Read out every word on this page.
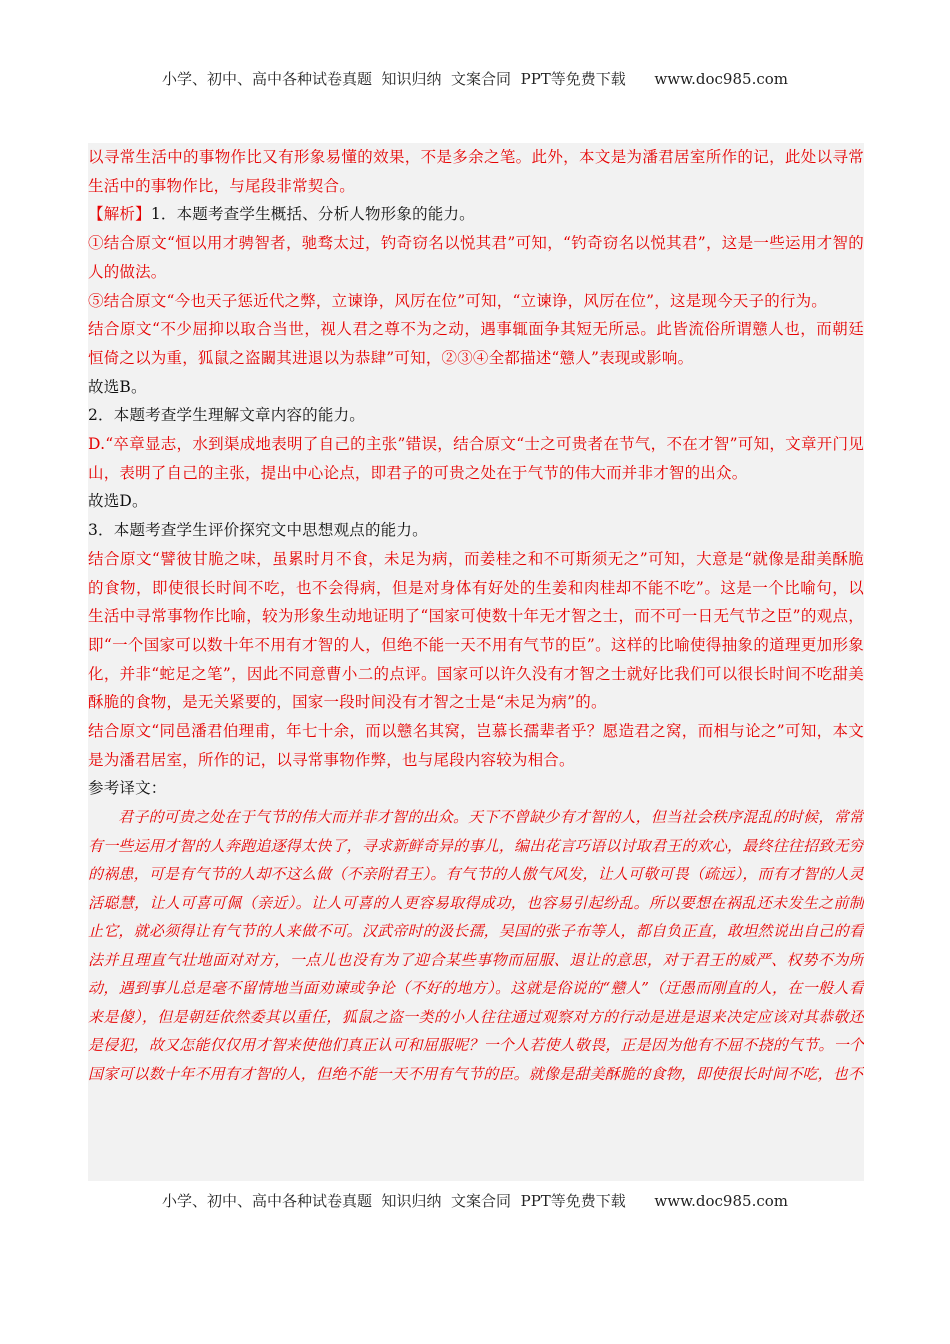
小学、初中、高中各种试卷真题  知识归纳  文案合同  PPT等免费下载      www.doc985.com

以寻常生活中的事物作比又有形象易懂的效果，不是多余之笔。此外，本文是为潘君居室所作的记，此处以寻常生活中的事物作比，与尾段非常契合。

【解析】1．本题考查学生概括、分析人物形象的能力。

①结合原文“恒以用才骋智者，驰骛太过，钓奇窃名以悦其君”可知，“钓奇窃名以悦其君”，这是一些运用才智的人的做法。

⑤结合原文“今也天子惩近代之弊，立谏诤，风厉在位”可知，“立谏诤，风厉在位”，这是现今天子的行为。

结合原文“不少屈抑以取合当世，视人君之尊不为之动，遇事辄面争其短无所忌。此皆流俗所谓戆人也，而朝廷恒倚之以为重，狐鼠之盗闞其进退以为恭肆”可知，②③④全都描述“戆人”表现或影响。

故选B。

2．本题考查学生理解文章内容的能力。

D.“卒章显志，水到渠成地表明了自己的主张”错误，结合原文“士之可贵者在节气，不在才智”可知，文章开门见山，表明了自己的主张，提出中心论点，即君子的可贵之处在于气节的伟大而并非才智的出众。

故选D。

3．本题考查学生评价探究文中思想观点的能力。

结合原文“譬彼甘脆之味，虽累时月不食，未足为病，而姜桂之和不可斯须无之”可知，大意是“就像是甜美酥脆的食物，即使很长时间不吃，也不会得病，但是对身体有好处的生姜和肉桂却不能不吃”。这是一个比喻句，以生活中寻常事物作比喻，较为形象生动地证明了“国家可使数十年无才智之士，而不可一日无气节之臣”的观点，即“一个国家可以数十年不用有才智的人，但绝不能一天不用有气节的臣”。这样的比喻使得抽象的道理更加形象化，并非“蛇足之笔”，因此不同意曹小二的点评。国家可以许久没有才智之士就好比我们可以很长时间不吃甜美酥脆的食物，是无关紧要的，国家一段时间没有才智之士是“未足为病”的。

结合原文“同邑潘君伯理甫，年七十余，而以戆名其窝，岂慕长孺辈者乎？愿造君之窝，而相与论之”可知，本文是为潘君居室，所作的记，以寻常事物作弊，也与尾段内容较为相合。

参考译文：

君子的可贵之处在于气节的伟大而并非才智的出众。天下不曾缺少有才智的人，但当社会秩序混乱的时候，常常有一些运用才智的人奔跑追逐得太快了，寻求新鲜奇异的事儿，编出花言巧语以讨取君王的欢心，最终往往招致无穷的祸患，可是有气节的人却不这么做（不亲附君王）。有气节的人傲气风发，让人可敬可畏（疏远），而有才智的人灵活聪慧，让人可喜可佩（亲近）。让人可喜的人更容易取得成功，也容易引起纷乱。所以要想在祸乱还未发生之前制止它，就必须得让有气节的人来做不可。汉武帝时的汲长孺，吴国的张子布等人，都自负正直，敢坦然说出自己的看法并且理直气壮地面对对方，一点儿也没有为了迎合某些事物而屈服、退让的意思，对于君王的威严、权势不为所动，遇到事儿总是毫不留情地当面劝谏或争论（不好的地方）。这就是俗说的“戆人”（迂愚而刚直的人，在一般人看来是傻），但是朝廷依然委其以重任，狐鼠之盗一类的小人往往通过观察对方的行动是进是退来决定应该对其恭敬还是侵犯，故又怎能仅仅用才智来使他们真正认可和屈服呢？一个人若使人敬畏，正是因为他有不屈不挠的气节。一个国家可以数十年不用有才智的人，但绝不能一天不用有气节的臣。就像是甜美酥脆的食物，即使很长时间不吃，也不

小学、初中、高中各种试卷真题  知识归纳  文案合同  PPT等免费下载      www.doc985.com
